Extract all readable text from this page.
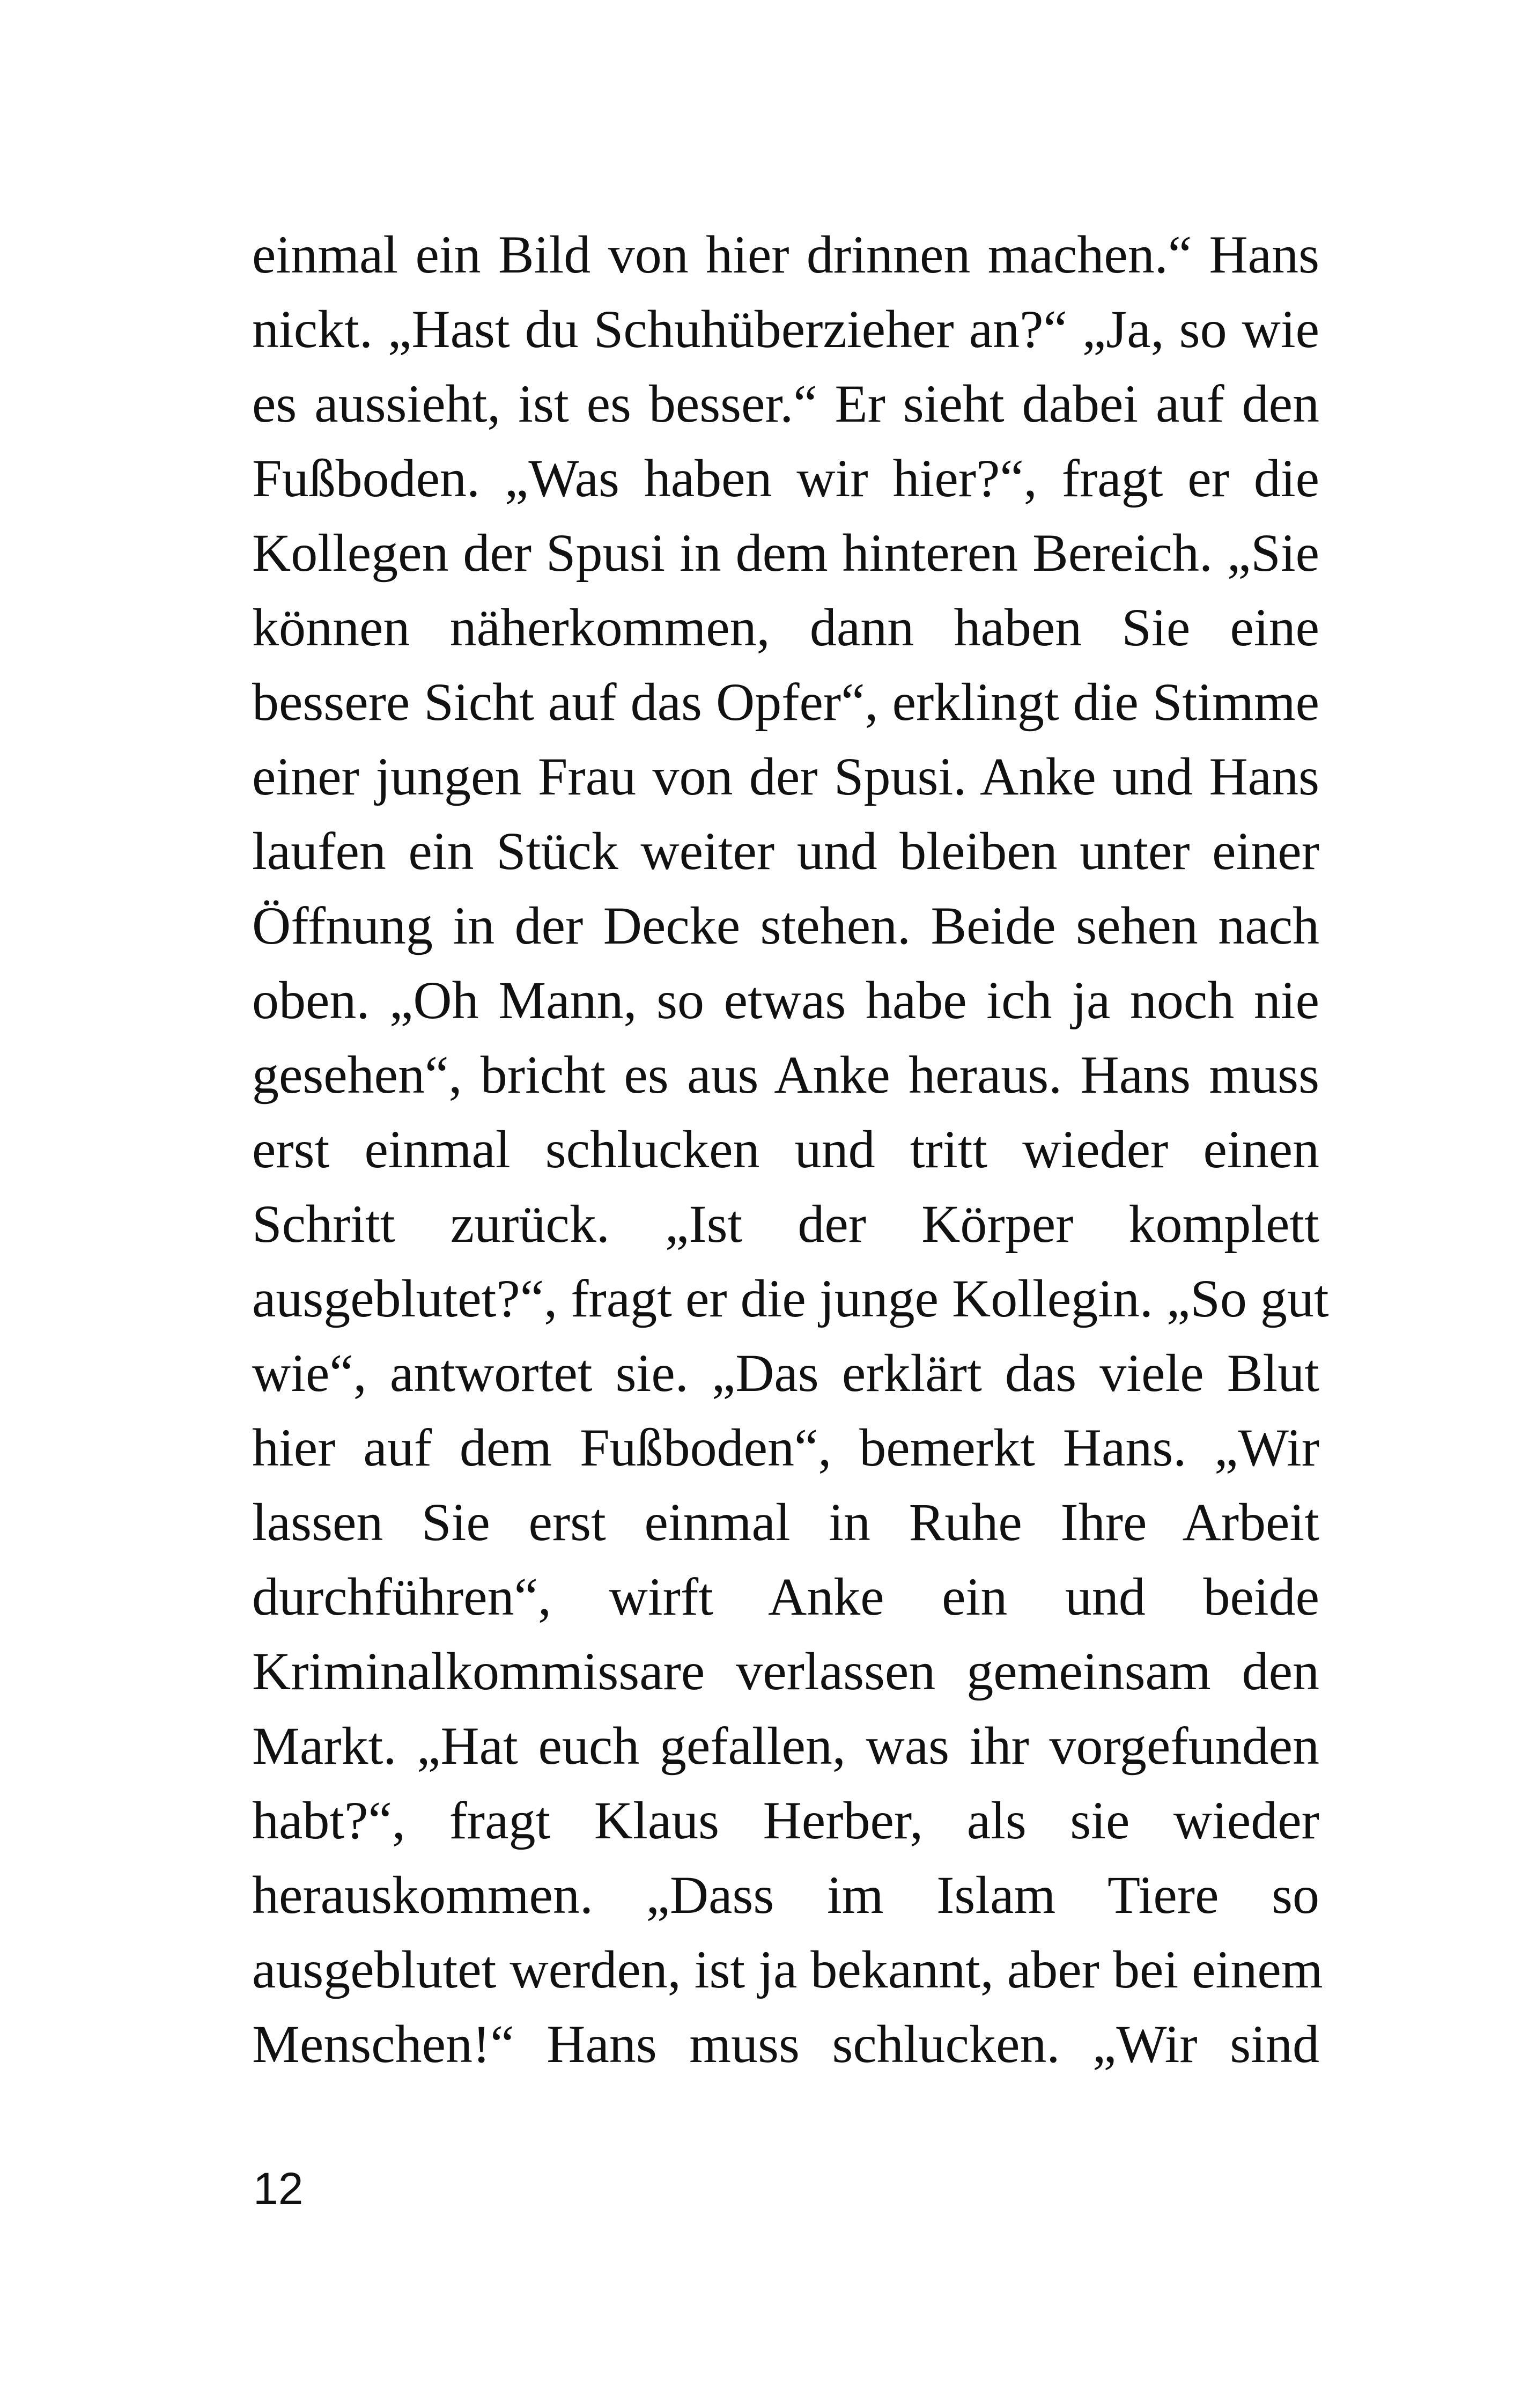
einmal ein Bild von hier drinnen machen.“ Hans
nickt. „Hast du Schuhüberzieher an?“ „Ja, so wie
es aussieht, ist es besser.“ Er sieht dabei auf den
Fußboden. „Was haben wir hier?“, fragt er die
Kollegen der Spusi in dem hinteren Bereich. „Sie
können näherkommen, dann haben Sie eine
bessere Sicht auf das Opfer“, erklingt die Stimme
einer jungen Frau von der Spusi. Anke und Hans
laufen ein Stück weiter und bleiben unter einer
Öffnung in der Decke stehen. Beide sehen nach
oben. „Oh Mann, so etwas habe ich ja noch nie
gesehen“, bricht es aus Anke heraus. Hans muss
erst einmal schlucken und tritt wieder einen
Schritt zurück. „Ist der Körper komplett
ausgeblutet?“, fragt er die junge Kollegin. „So gut
wie“, antwortet sie. „Das erklärt das viele Blut
hier auf dem Fußboden“, bemerkt Hans. „Wir
lassen Sie erst einmal in Ruhe Ihre Arbeit
durchführen“, wirft Anke ein und beide
Kriminalkommissare verlassen gemeinsam den
Markt. „Hat euch gefallen, was ihr vorgefunden
habt?“, fragt Klaus Herber, als sie wieder
herauskommen. „Dass im Islam Tiere so
ausgeblutet werden, ist ja bekannt, aber bei einem
Menschen!“ Hans muss schlucken. „Wir sind
12
